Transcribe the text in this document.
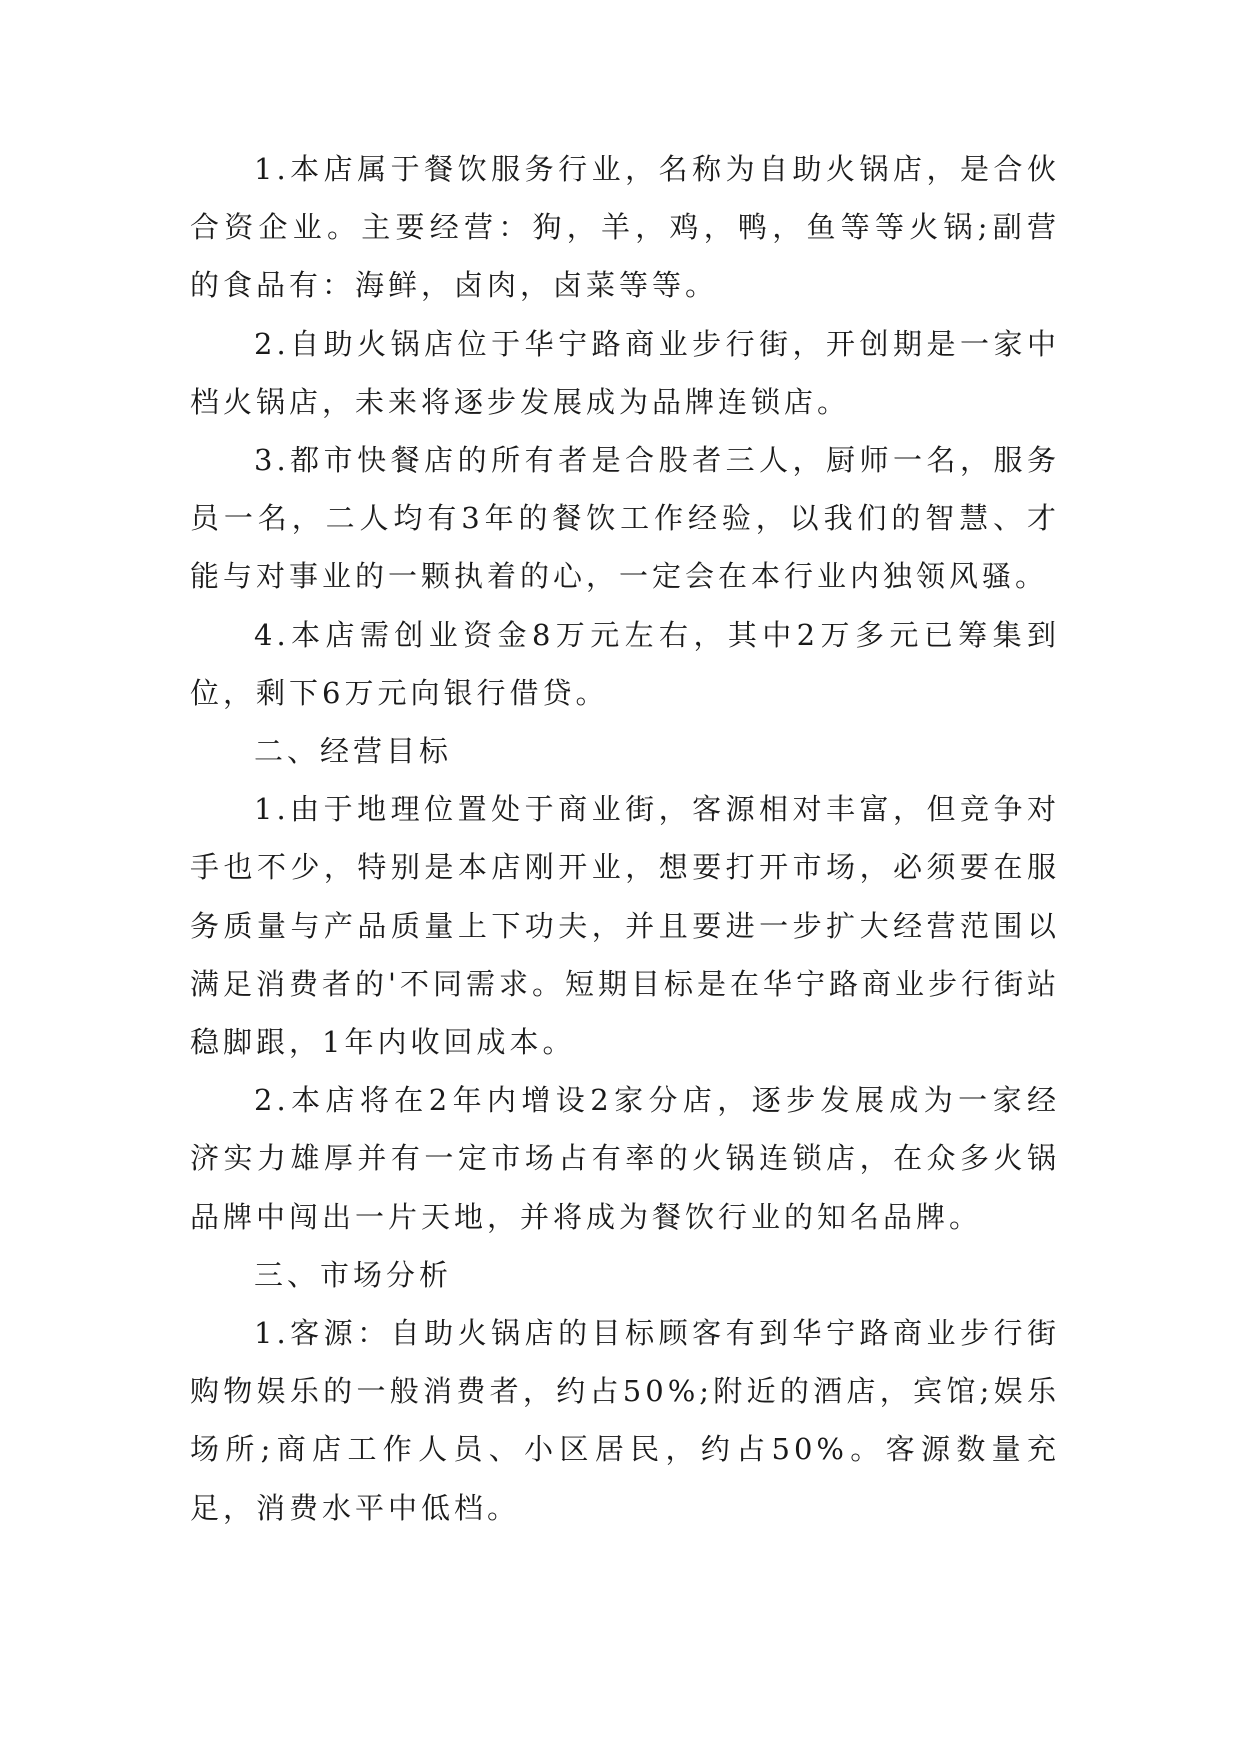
1.本店属于餐饮服务行业，名称为自助火锅店，是合伙合资企业。主要经营：狗，羊，鸡，鸭，鱼等等火锅;副营的食品有：海鲜，卤肉，卤菜等等。

2.自助火锅店位于华宁路商业步行街，开创期是一家中档火锅店，未来将逐步发展成为品牌连锁店。

3.都市快餐店的所有者是合股者三人，厨师一名，服务员一名，二人均有3年的餐饮工作经验，以我们的智慧、才能与对事业的一颗执着的心，一定会在本行业内独领风骚。

4.本店需创业资金8万元左右，其中2万多元已筹集到位，剩下6万元向银行借贷。

二、经营目标

1.由于地理位置处于商业街，客源相对丰富，但竞争对手也不少，特别是本店刚开业，想要打开市场，必须要在服务质量与产品质量上下功夫，并且要进一步扩大经营范围以满足消费者的'不同需求。短期目标是在华宁路商业步行街站稳脚跟，1年内收回成本。

2.本店将在2年内增设2家分店，逐步发展成为一家经济实力雄厚并有一定市场占有率的火锅连锁店，在众多火锅品牌中闯出一片天地，并将成为餐饮行业的知名品牌。

三、市场分析

1.客源：自助火锅店的目标顾客有到华宁路商业步行街购物娱乐的一般消费者，约占50%;附近的酒店，宾馆;娱乐场所;商店工作人员、小区居民，约占50%。客源数量充足，消费水平中低档。
